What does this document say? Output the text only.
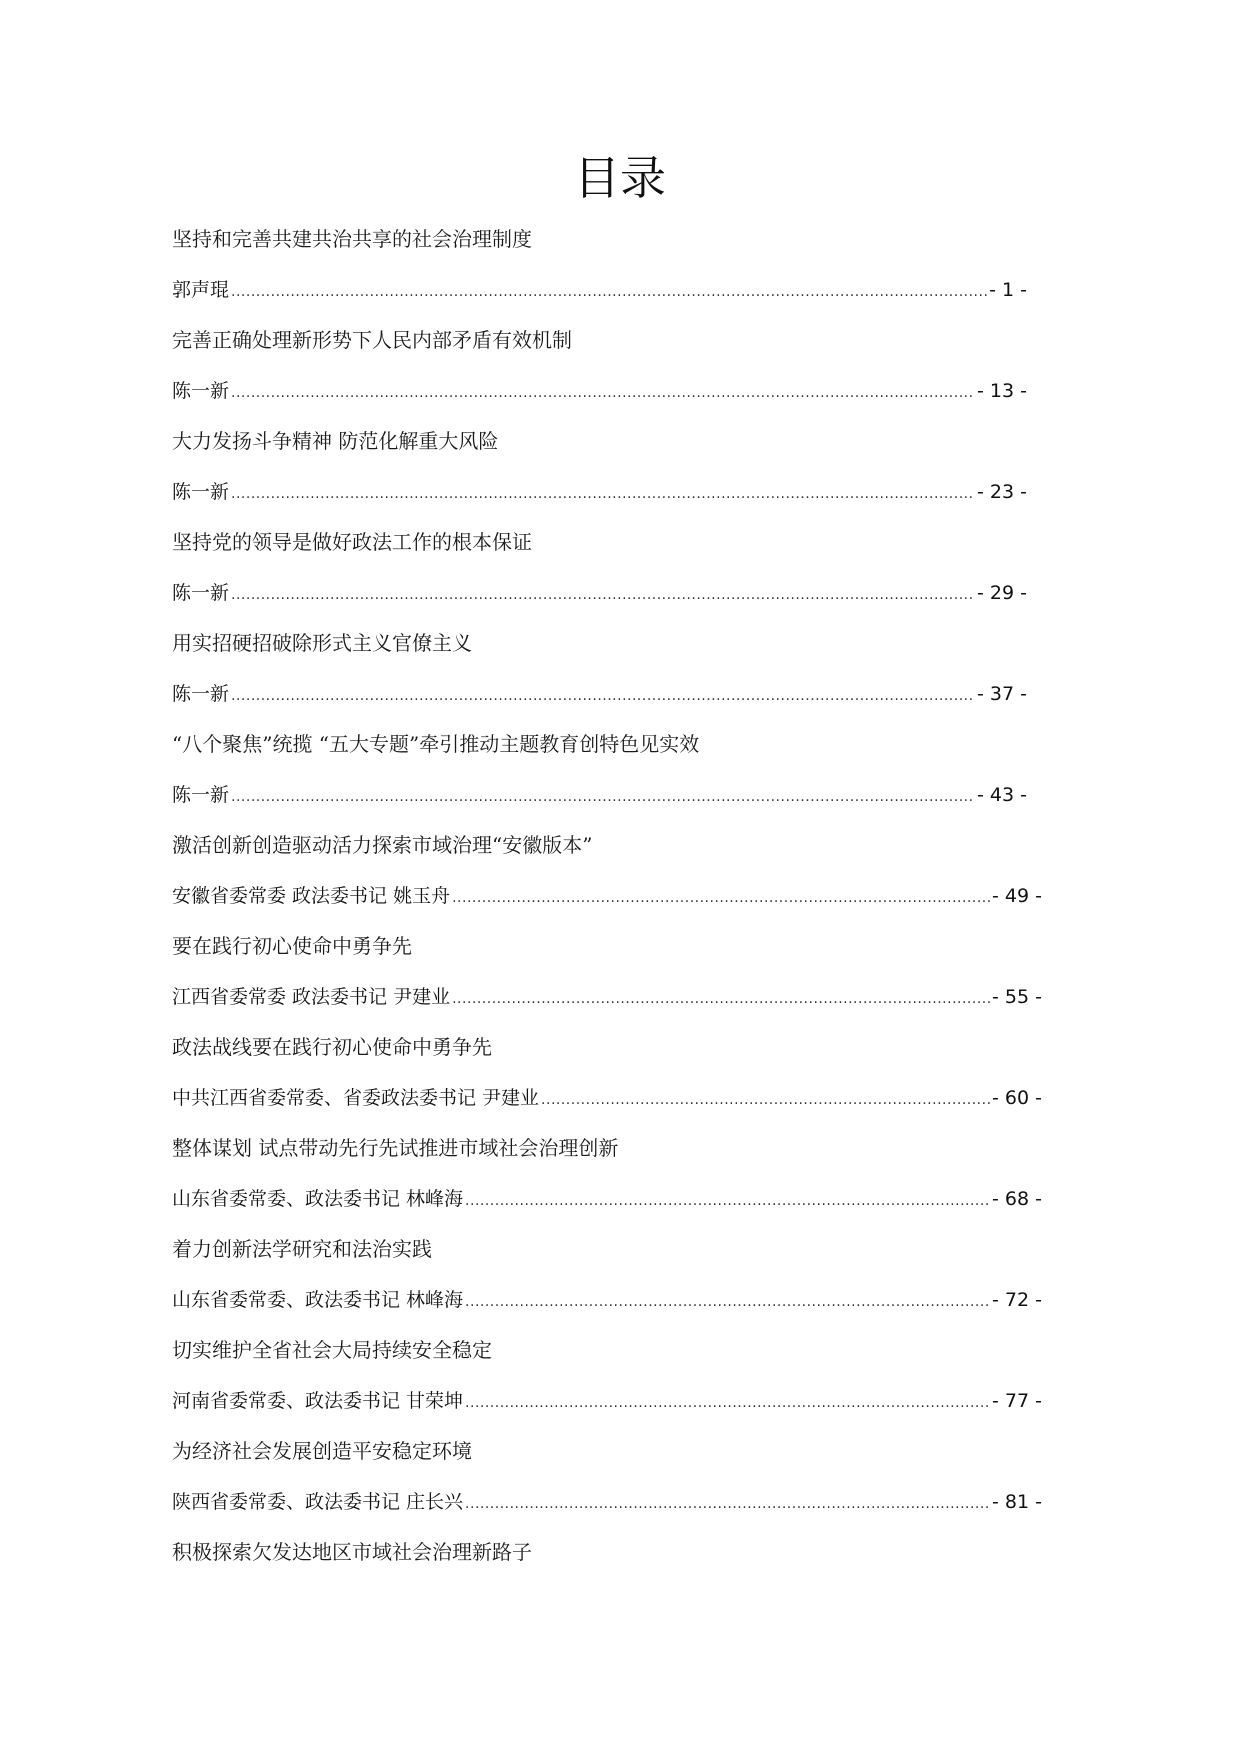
目录
坚持和完善共建共治共享的社会治理制度
郭声琨 .....	- 1 -
完善正确处理新形势下人民内部矛盾有效机制
陈一新 .....	- 13 -
大力发扬斗争精神 防范化解重大风险
陈一新 .....	- 23 -
坚持党的领导是做好政法工作的根本保证
陈一新 .....	- 29 -
用实招硬招破除形式主义官僚主义
陈一新 .....	- 37 -
“八个聚焦”统揽 “五大专题”牵引推动主题教育创特色见实效
陈一新 .....	- 43 -
激活创新创造驱动活力探索市域治理“安徽版本”
安徽省委常委 政法委书记 姚玉舟 .....	- 49 -
要在践行初心使命中勇争先
江西省委常委 政法委书记 尹建业 .....	- 55 -
政法战线要在践行初心使命中勇争先
中共江西省委常委、省委政法委书记 尹建业 .....	- 60 -
整体谋划 试点带动先行先试推进市域社会治理创新
山东省委常委、政法委书记 林峰海 .....	- 68 -
着力创新法学研究和法治实践
山东省委常委、政法委书记 林峰海 .....	- 72 -
切实维护全省社会大局持续安全稳定
河南省委常委、政法委书记 甘荣坤 .....	- 77 -
为经济社会发展创造平安稳定环境
陕西省委常委、政法委书记 庄长兴 .....	- 81 -
积极探索欠发达地区市域社会治理新路子
